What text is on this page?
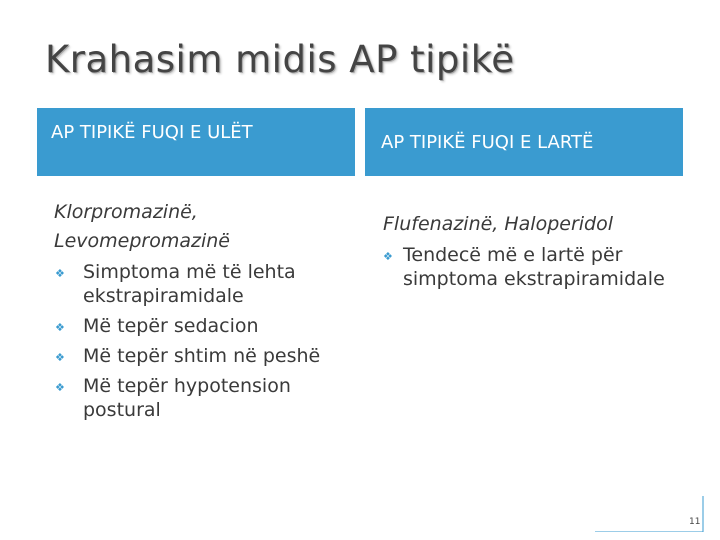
Krahasim midis AP tipikë
AP TIPIKË FUQI E ULËT	AP TIPIKË FUQI E LARTË
Klorpromazinë, Levomepromazinë
❖ Simptoma më të lehta ekstrapiramidale
❖ Më tepër sedacion
❖ Më tepër shtim në peshë
❖ Më tepër hypotension postural
Flufenazinë, Haloperidol
❖ Tendecë më e lartë për simptoma ekstrapiramidale
11
